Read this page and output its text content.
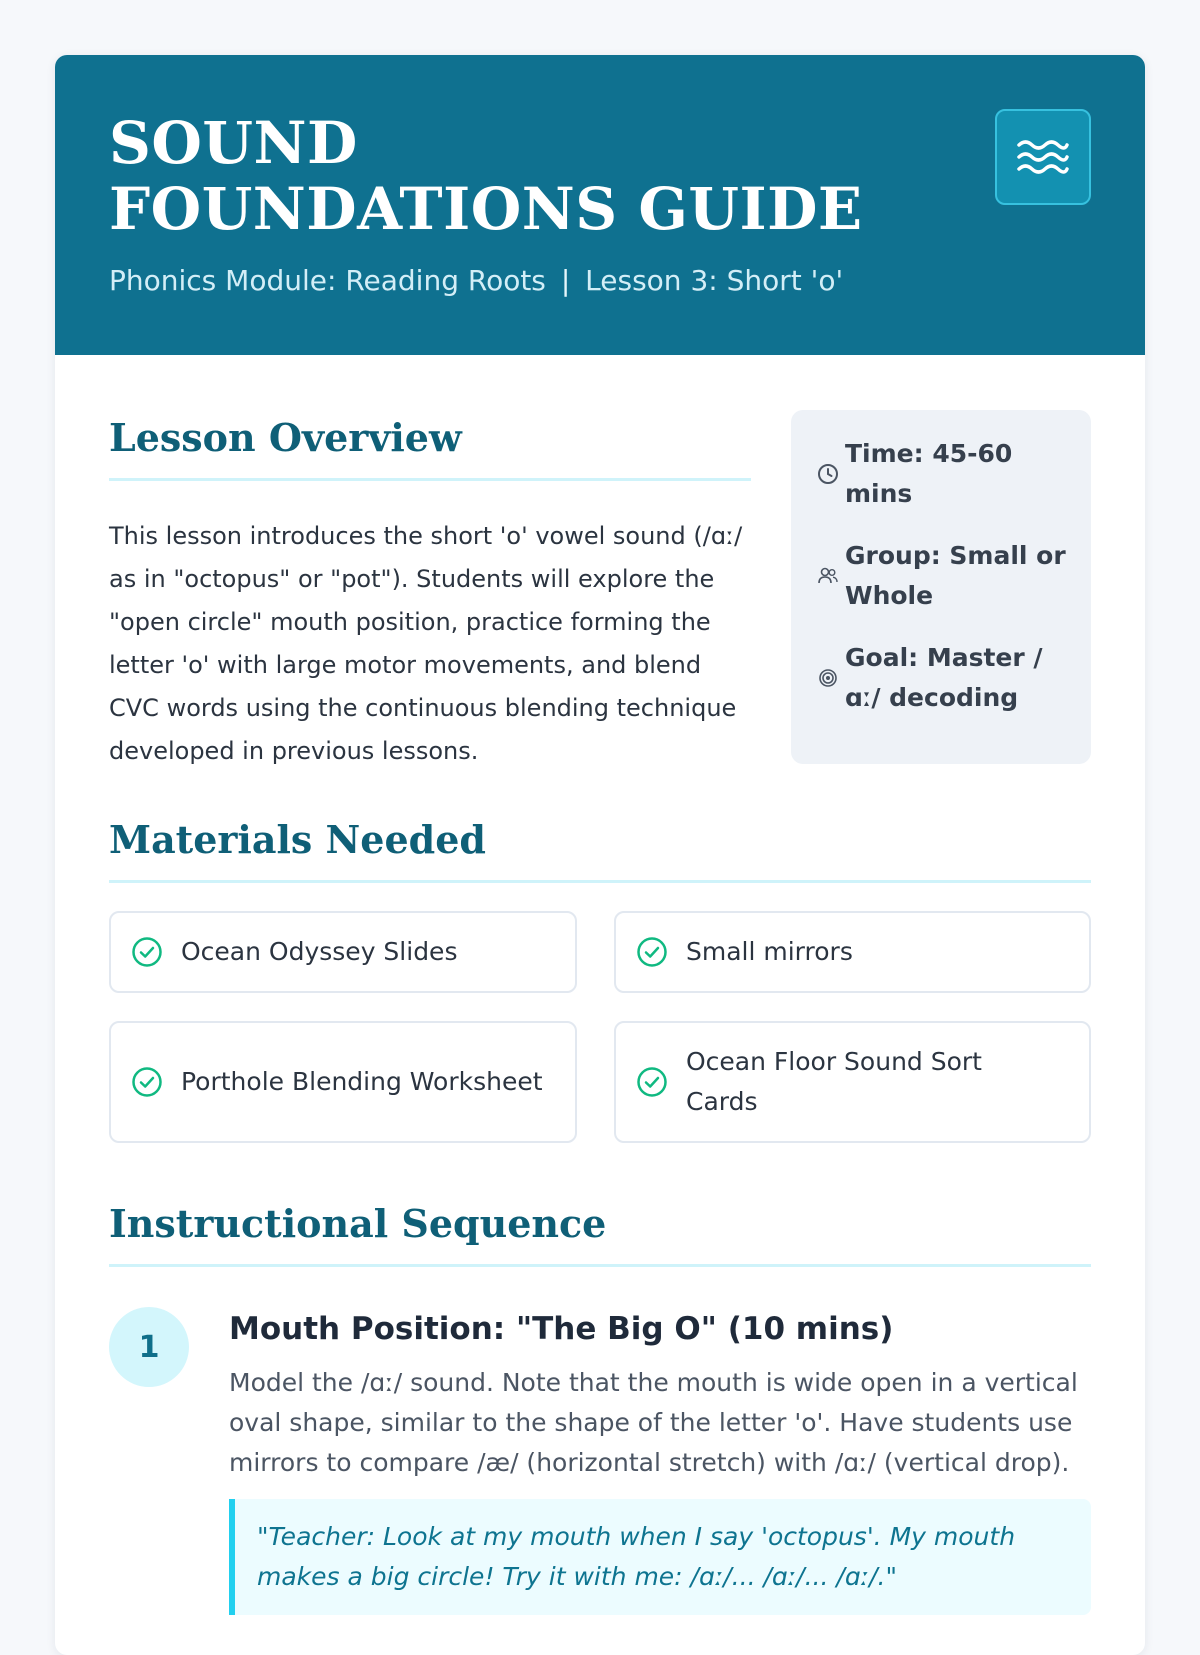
SOUND FOUNDATIONS GUIDE
Phonics Module: Reading Roots | Lesson 3: Short 'o'
Lesson Overview

This lesson introduces the short 'o' vowel sound (/ɑː/ as in "octopus" or "pot"). Students will explore the "open circle" mouth position, practice forming the letter 'o' with large motor movements, and blend CVC words using the continuous blending technique developed in previous lessons.

Time: 45-60 mins
Group: Small or Whole
Goal: Master /ɑː/ decoding
Materials Needed
Ocean Odyssey Slides	Small mirrors
Porthole Blending Worksheet
Ocean Floor Sound Sort Cards
Instructional Sequence
1	Mouth Position: "The Big O" (10 mins)

Model the /ɑː/ sound. Note that the mouth is wide open in a vertical oval shape, similar to the shape of the letter 'o'. Have students use mirrors to compare /æ/ (horizontal stretch) with /ɑː/ (vertical drop).

"Teacher: Look at my mouth when I say 'octopus'. My mouth makes a big circle! Try it with me: /ɑː/... /ɑː/... /ɑː/."
